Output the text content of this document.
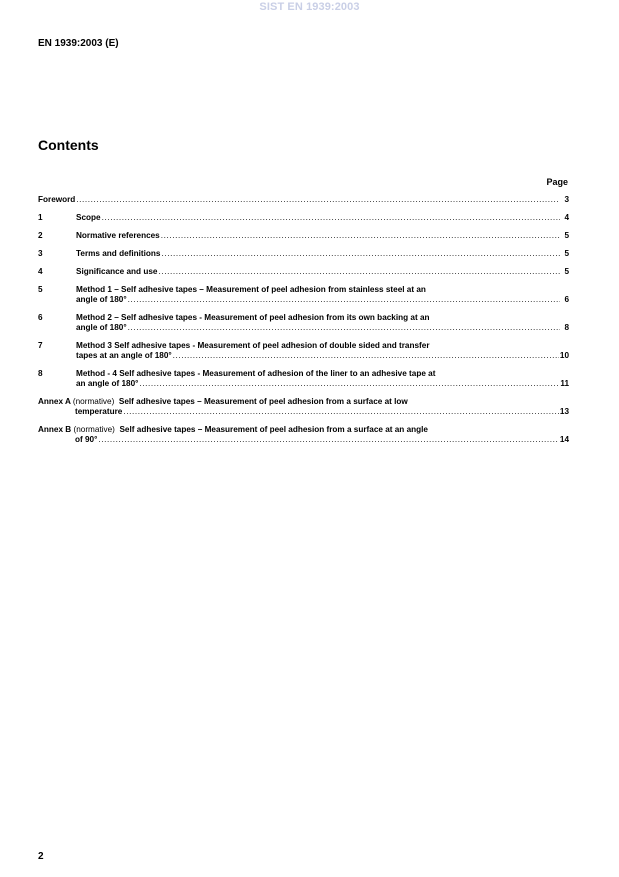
SIST EN 1939:2003
EN 1939:2003 (E)
Contents
Page
Foreword .....	3
1	Scope .....	4
2	Normative references .....	5
3	Terms and definitions .....	5
4	Significance and use .....	5
5	Method 1 – Self adhesive tapes – Measurement of peel adhesion from stainless steel at an
angle of 180° .....	6
6	Method 2 – Self adhesive tapes - Measurement of peel adhesion from its own backing at an
angle of 180° .....	8
7	Method 3 Self adhesive tapes - Measurement of peel adhesion of double sided and transfer
tapes at an angle of 180° .....	10
8	Method - 4 Self adhesive tapes - Measurement of adhesion of the liner to an adhesive tape at
an angle of 180° .....	11
Annex A (normative) Self adhesive tapes – Measurement of peel adhesion from a surface at low
temperature .....	13
Annex B (normative) Self adhesive tapes – Measurement of peel adhesion from a surface at an angle
of 90° .....	14
2
